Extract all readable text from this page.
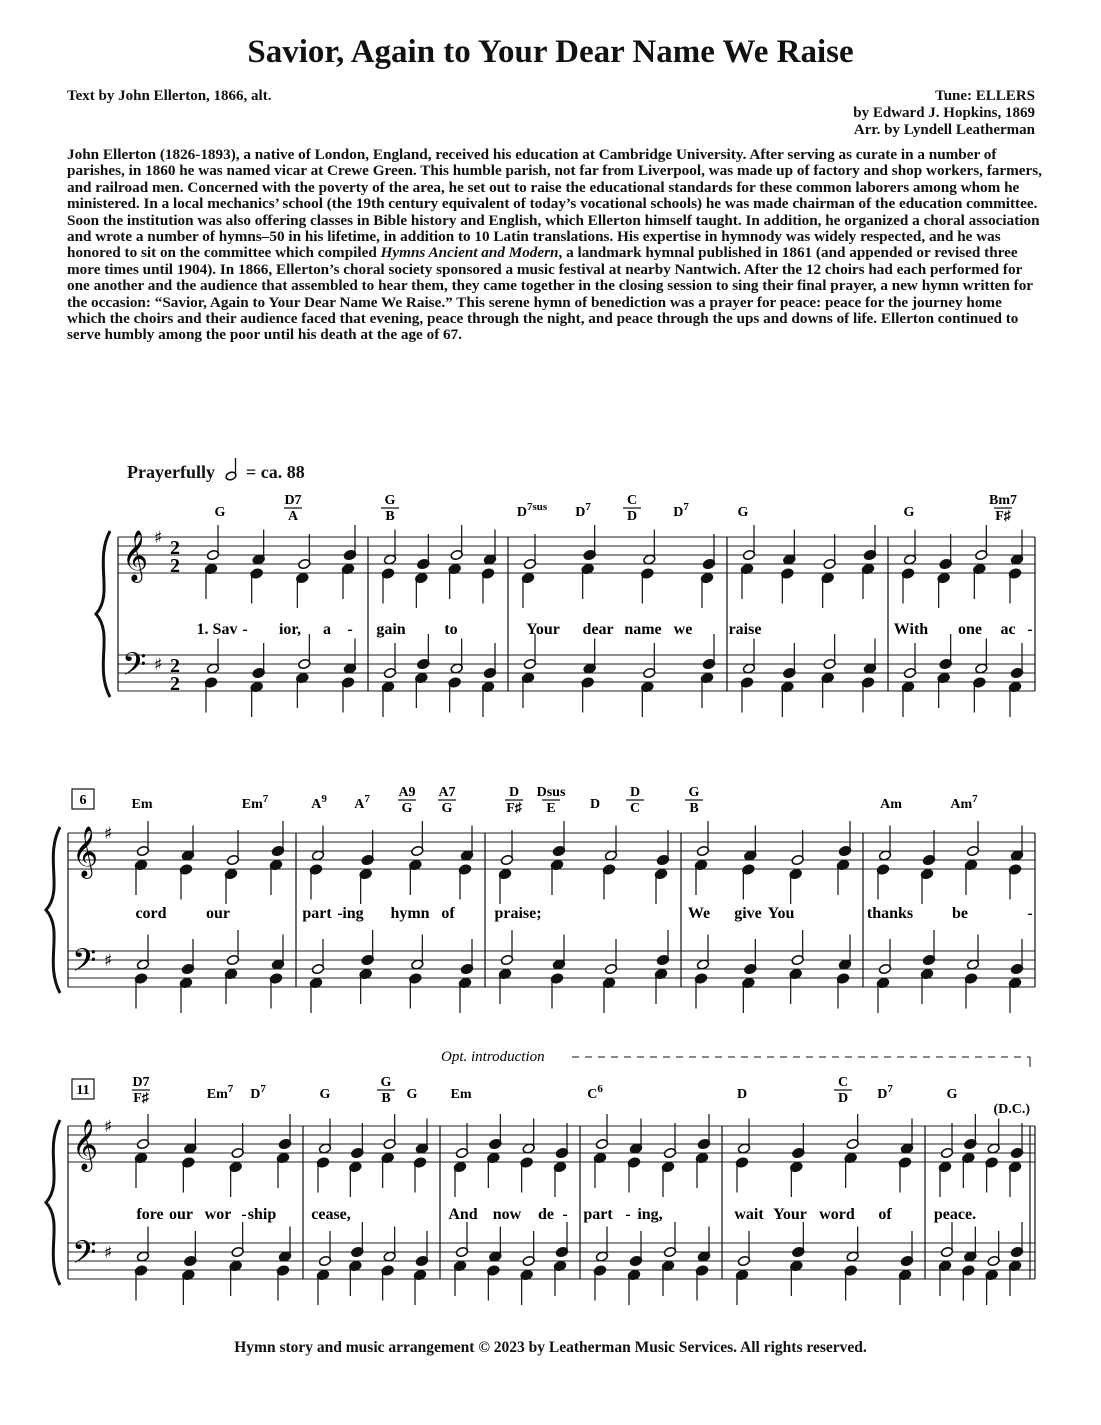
Savior, Again to Your Dear Name We Raise
Text by John Ellerton, 1866, alt.	Tune: ELLERS
by Edward J. Hopkins, 1869
Arr. by Lyndell Leatherman

John Ellerton (1826-1893), a native of London, England, received his education at Cambridge University. After serving as curate in a number of parishes, in 1860 he was named vicar at Crewe Green. This humble parish, not far from Liverpool, was made up of factory and shop workers, farmers, and railroad men. Concerned with the poverty of the area, he set out to raise the educational standards for these common laborers among whom he ministered. In a local mechanics’ school (the 19th century equivalent of today’s vocational schools) he was made chairman of the education committee. Soon the institution was also offering classes in Bible history and English, which Ellerton himself taught. In addition, he organized a choral association and wrote a number of hymns–50 in his lifetime, in addition to 10 Latin translations. His expertise in hymnody was widely respected, and he was honored to sit on the committee which compiled Hymns Ancient and Modern, a landmark hymnal published in 1861 (and appended or revised three more times until 1904). In 1866, Ellerton’s choral society sponsored a music festival at nearby Nantwich. After the 12 choirs had each performed for one another and the audience that assembled to hear them, they came together in the closing session to sing their final prayer, a new hymn written for the occasion: “Savior, Again to Your Dear Name We Raise.” This serene hymn of benediction was a prayer for peace: peace for the journey home which the choirs and their audience faced that evening, peace through the night, and peace through the ups and downs of life. Ellerton continued to serve humbly among the poor until his death at the age of 67.

Prayerfully = ca. 88
𝄞
𝄢
♯
♯
2
2
2
2
G	A
D7
B
G
$D^{7sus}$ $D^7$
D
C
$D^7$	G	G	F♯
Bm7
1. Sav - ior, a - gain to	Your dear name we raise	With one ac -
𝄞
𝄢
♯
♯
6	Em	Em$^7$	$A^9$ $A^7$
G
A9
G
A7
F♯
D
E
Dsus
D C
D
B
G
Am	Am$^7$
cord our	part - ing hymn of praise;	We give You	thanks be	-
𝄞
𝄢
♯
♯
11
F♯
D7
Em$^7$ $D^7$	G	B
G
G Em	$C^6$	D	D
C
$D^7$	G
fore our wor - ship cease,	And now de - part - ing,	wait Your word of	peace.
Opt. introduction
(D.C.)
Hymn story and music arrangement © 2023 by Leatherman Music Services. All rights reserved.
